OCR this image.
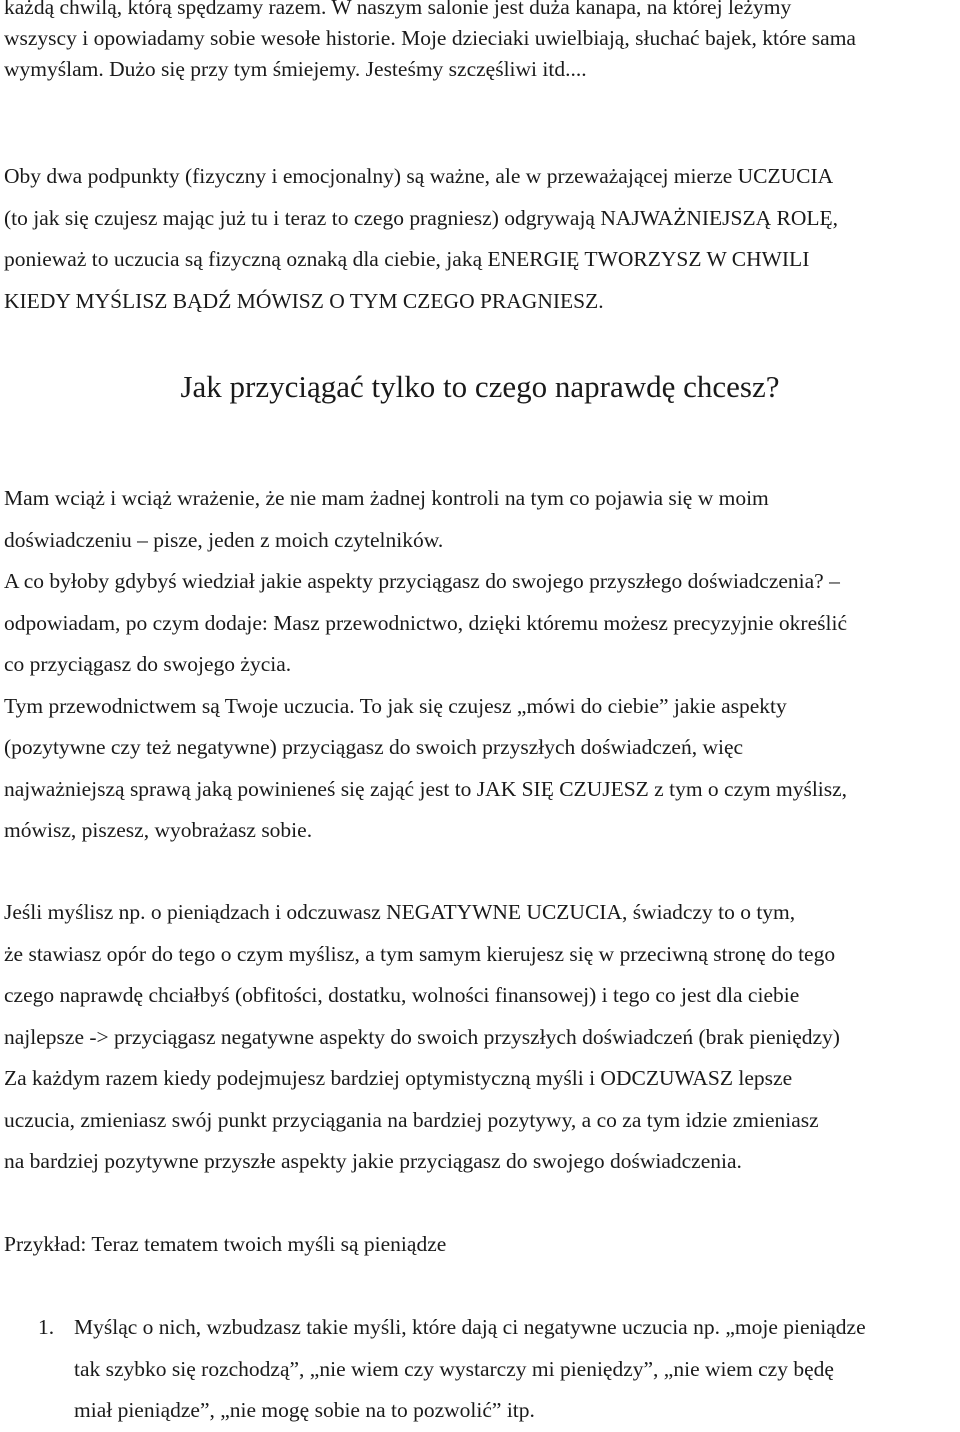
każdą chwilą, którą spędzamy razem. W naszym salonie jest duża kanapa, na której leżymy
wszyscy i opowiadamy sobie wesołe historie. Moje dzieciaki uwielbiają, słuchać bajek, które sama
wymyślam. Dużo się przy tym śmiejemy. Jesteśmy szczęśliwi itd....
Oby dwa podpunkty (fizyczny i emocjonalny) są ważne, ale w przeważającej mierze UCZUCIA
(to jak się czujesz mając już tu i teraz to czego pragniesz) odgrywają NAJWAŻNIEJSZĄ ROLĘ,
ponieważ to uczucia są fizyczną oznaką dla ciebie, jaką ENERGIĘ TWORZYSZ W CHWILI
KIEDY MYŚLISZ BĄDŹ MÓWISZ O TYM CZEGO PRAGNIESZ.
Jak przyciągać tylko to czego naprawdę chcesz?
Mam wciąż i wciąż wrażenie, że nie mam żadnej kontroli na tym co pojawia się w moim
doświadczeniu – pisze, jeden z moich czytelników.
A co byłoby gdybyś wiedział jakie aspekty przyciągasz do swojego przyszłego doświadczenia? –
odpowiadam, po czym dodaje: Masz przewodnictwo, dzięki któremu możesz precyzyjnie określić
co przyciągasz do swojego życia.
Tym przewodnictwem są Twoje uczucia. To jak się czujesz „mówi do ciebie” jakie aspekty
(pozytywne czy też negatywne) przyciągasz do swoich przyszłych doświadczeń, więc
najważniejszą sprawą jaką powinieneś się zająć jest to JAK SIĘ CZUJESZ z tym o czym myślisz,
mówisz, piszesz, wyobrażasz sobie.
Jeśli myślisz np. o pieniądzach i odczuwasz NEGATYWNE UCZUCIA, świadczy to o tym,
że stawiasz opór do tego o czym myślisz, a tym samym kierujesz się w przeciwną stronę do tego
czego naprawdę chciałbyś (obfitości, dostatku, wolności finansowej) i tego co jest dla ciebie
najlepsze -> przyciągasz negatywne aspekty do swoich przyszłych doświadczeń (brak pieniędzy)
Za każdym razem kiedy podejmujesz bardziej optymistyczną myśli i ODCZUWASZ lepsze
uczucia, zmieniasz swój punkt przyciągania na bardziej pozytywy, a co za tym idzie zmieniasz
na bardziej pozytywne przyszłe aspekty jakie przyciągasz do swojego doświadczenia.
Przykład: Teraz tematem twoich myśli są pieniądze
1. Myśląc o nich, wzbudzasz takie myśli, które dają ci negatywne uczucia np. „moje pieniądze
tak szybko się rozchodzą”, „nie wiem czy wystarczy mi pieniędzy”, „nie wiem czy będę
miał pieniądze”, „nie mogę sobie na to pozwolić” itp.
